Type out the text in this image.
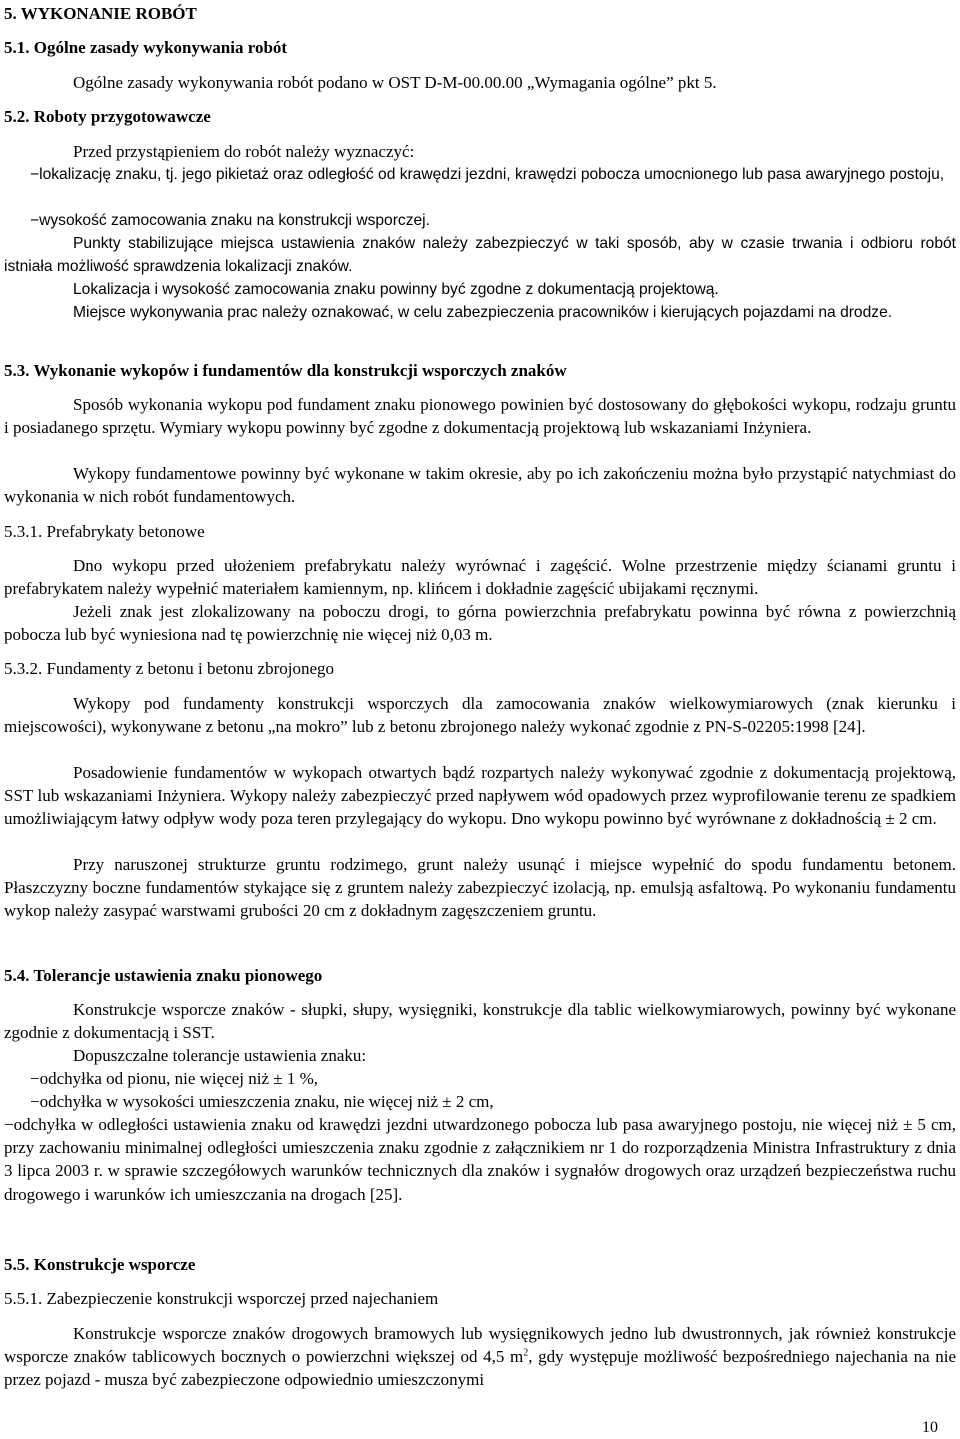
5. WYKONANIE ROBÓT
5.1. Ogólne zasady wykonywania robót
Ogólne zasady wykonywania robót podano w OST D-M-00.00.00 „Wymagania ogólne” pkt 5.
5.2. Roboty przygotowawcze
Przed przystąpieniem do robót należy wyznaczyć:
−lokalizację znaku, tj. jego pikietaż oraz odległość od krawędzi jezdni, krawędzi pobocza umocnionego lub pasa awaryjnego postoju,
−wysokość zamocowania znaku na konstrukcji wsporczej.
Punkty stabilizujące miejsca ustawienia znaków należy zabezpieczyć w taki sposób, aby w czasie trwania i odbioru robót istniała możliwość sprawdzenia lokalizacji znaków.
Lokalizacja i wysokość zamocowania znaku powinny być zgodne z dokumentacją projektową.
Miejsce wykonywania prac należy oznakować, w celu zabezpieczenia pracowników i kierujących pojazdami na drodze.
5.3. Wykonanie wykopów i fundamentów dla konstrukcji wsporczych znaków
Sposób wykonania wykopu pod fundament znaku pionowego powinien być dostosowany do głębokości wykopu, rodzaju gruntu i posiadanego sprzętu. Wymiary wykopu powinny być zgodne z dokumentacją projektową lub wskazaniami Inżyniera.
Wykopy fundamentowe powinny być wykonane w takim okresie, aby po ich zakończeniu można było przystąpić natychmiast do wykonania w nich robót fundamentowych.
5.3.1. Prefabrykaty betonowe
Dno wykopu przed ułożeniem prefabrykatu należy wyrównać i zagęścić. Wolne przestrzenie między ścianami gruntu i prefabrykatem należy wypełnić materiałem kamiennym, np. klińcem i dokładnie zagęścić ubijakami ręcznymi.
Jeżeli znak jest zlokalizowany na poboczu drogi, to górna powierzchnia prefabrykatu powinna być równa z powierzchnią pobocza lub być wyniesiona nad tę powierzchnię nie więcej niż 0,03 m.
5.3.2. Fundamenty z betonu i betonu zbrojonego
Wykopy pod fundamenty konstrukcji wsporczych dla zamocowania znaków wielkowymiarowych (znak kierunku i miejscowości), wykonywane z betonu „na mokro” lub z betonu zbrojonego należy wykonać zgodnie z PN-S-02205:1998 [24].
Posadowienie fundamentów w wykopach otwartych bądź rozpartych należy wykonywać zgodnie z dokumentacją projektową, SST lub wskazaniami Inżyniera. Wykopy należy zabezpieczyć przed napływem wód opadowych przez wyprofilowanie terenu ze spadkiem umożliwiającym łatwy odpływ wody poza teren przylegający do wykopu. Dno wykopu powinno być wyrównane z dokładnością ± 2 cm.
Przy naruszonej strukturze gruntu rodzimego, grunt należy usunąć i miejsce wypełnić do spodu fundamentu betonem. Płaszczyzny boczne fundamentów stykające się z gruntem należy zabezpieczyć izolacją, np. emulsją asfaltową. Po wykonaniu fundamentu wykop należy zasypać warstwami grubości 20 cm z dokładnym zagęszczeniem gruntu.
5.4. Tolerancje ustawienia znaku pionowego
Konstrukcje wsporcze znaków - słupki, słupy, wysięgniki, konstrukcje dla tablic wielkowymiarowych, powinny być wykonane zgodnie z dokumentacją i SST.
Dopuszczalne tolerancje ustawienia znaku:
−odchyłka od pionu, nie więcej niż ± 1 %,
−odchyłka w wysokości umieszczenia znaku, nie więcej niż ± 2 cm,
−odchyłka w odległości ustawienia znaku od krawędzi jezdni utwardzonego pobocza lub pasa awaryjnego postoju, nie więcej niż ± 5 cm, przy zachowaniu minimalnej odległości umieszczenia znaku zgodnie z załącznikiem nr 1 do rozporządzenia Ministra Infrastruktury z dnia 3 lipca 2003 r. w sprawie szczegółowych warunków technicznych dla znaków i sygnałów drogowych oraz urządzeń bezpieczeństwa ruchu drogowego i warunków ich umieszczania na drogach [25].
5.5. Konstrukcje wsporcze
5.5.1. Zabezpieczenie konstrukcji wsporczej przed najechaniem
Konstrukcje wsporcze znaków drogowych bramowych lub wysięgnikowych jedno lub dwustronnych, jak również konstrukcje wsporcze znaków tablicowych bocznych o powierzchni większej od 4,5 $m^2$, gdy występuje możliwość bezpośredniego najechania na nie przez pojazd - musza być zabezpieczone odpowiednio umieszczonymi
10
